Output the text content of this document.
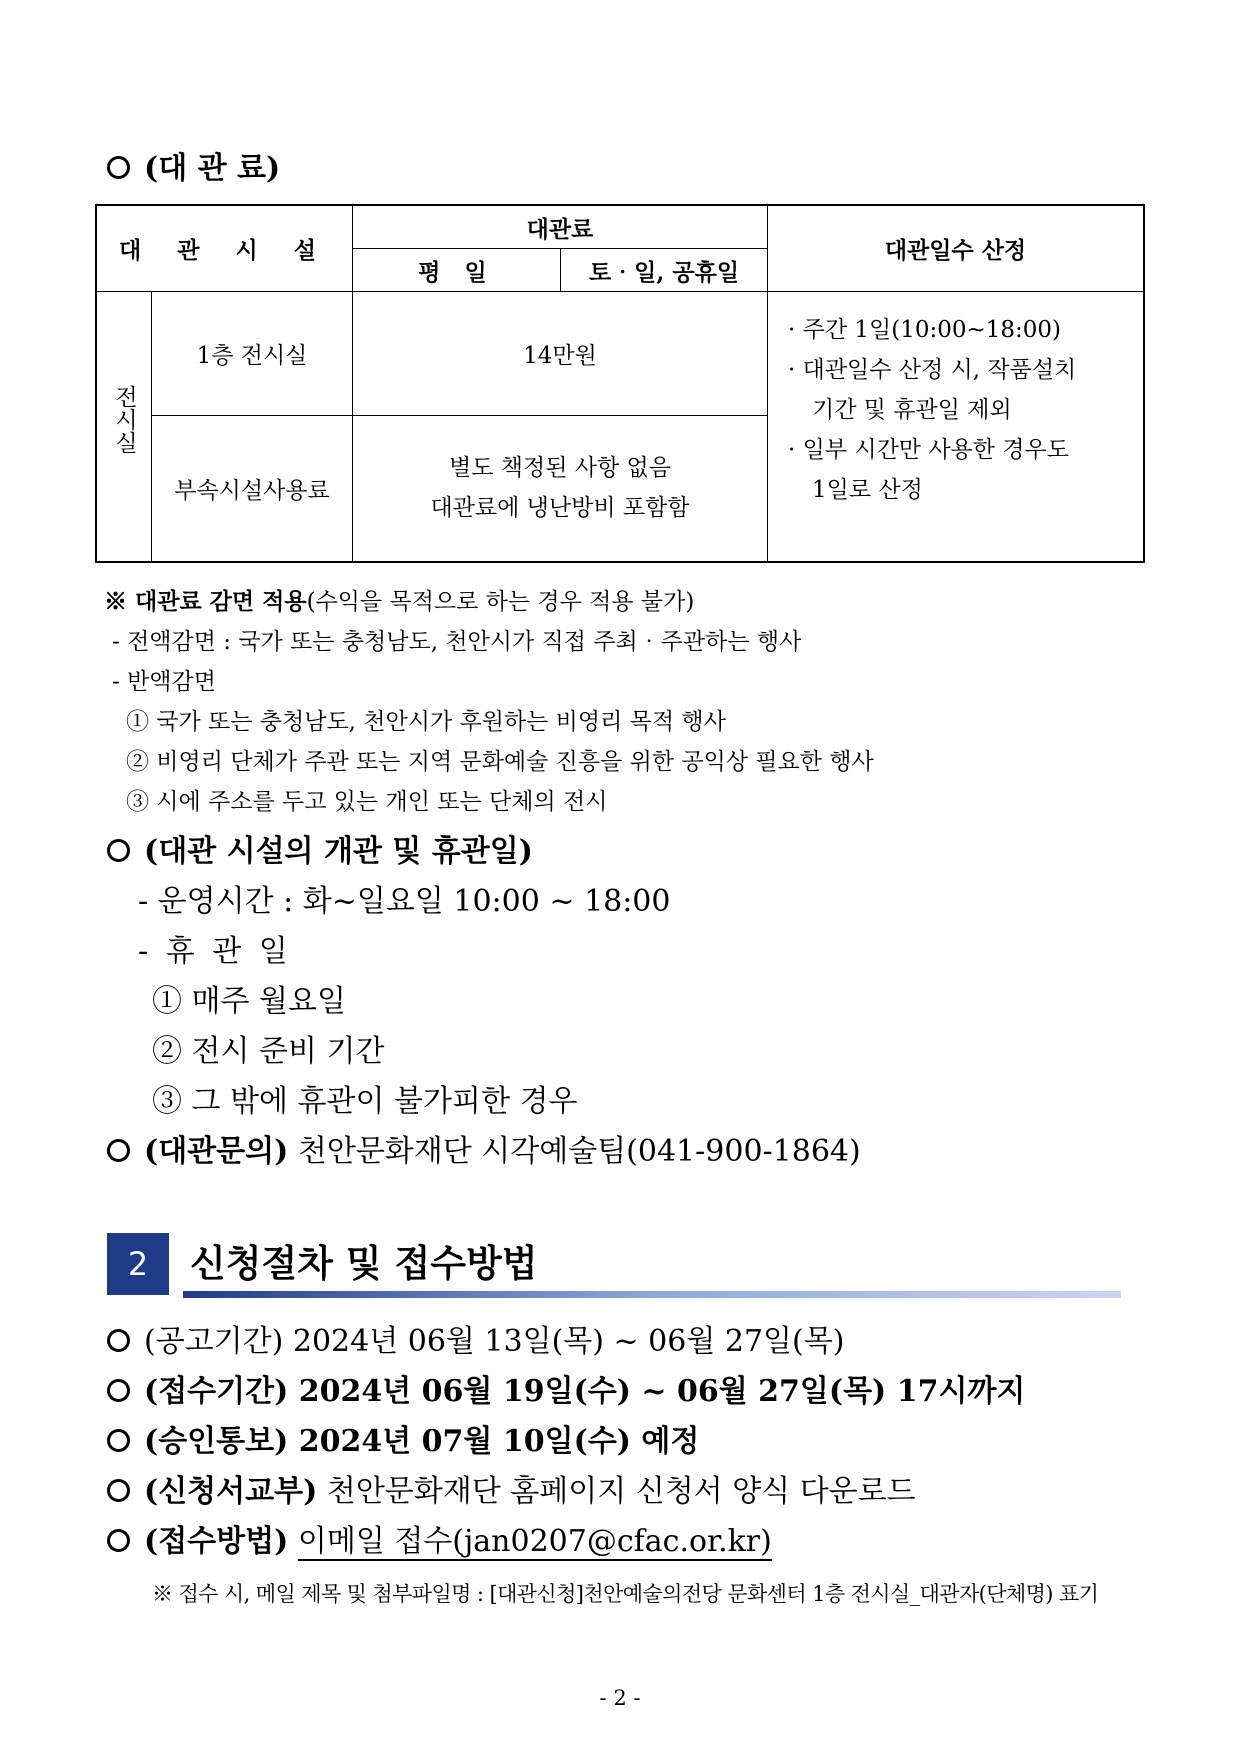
(대 관 료)
대 관 시 설		대관료		대관일수 산정
		평 일	토‧일, 공휴일	
전시실	1층 전시실	14만원		· 주간 1일(10:00~18:00)
· 대관일수 산정 시, 작품설치
기간 및 휴관일 제외
· 일부 시간만 사용한 경우도
1일로 산정

	부속시설사용료	별도 책정된 사항 없음
대관료에 냉난방비 포함함		
※ 대관료 감면 적용(수익을 목적으로 하는 경우 적용 불가)
- 전액감면 : 국가 또는 충청남도, 천안시가 직접 주최‧주관하는 행사
- 반액감면
① 국가 또는 충청남도, 천안시가 후원하는 비영리 목적 행사
② 비영리 단체가 주관 또는 지역 문화예술 진흥을 위한 공익상 필요한 행사
③ 시에 주소를 두고 있는 개인 또는 단체의 전시
(대관 시설의 개관 및 휴관일)
- 운영시간 : 화~일요일 10:00 ~ 18:00
- 휴 관 일
① 매주 월요일
② 전시 준비 기간
③ 그 밖에 휴관이 불가피한 경우
(대관문의) 천안문화재단 시각예술팀(041-900-1864)
2	신청절차 및 접수방법
(공고기간) 2024년 06월 13일(목) ~ 06월 27일(목)
(접수기간) 2024년 06월 19일(수) ~ 06월 27일(목) 17시까지
(승인통보) 2024년 07월 10일(수) 예정
(신청서교부) 천안문화재단 홈페이지 신청서 양식 다운로드
(접수방법) 이메일 접수(jan0207@cfac.or.kr)
※ 접수 시, 메일 제목 및 첨부파일명 : [대관신청]천안예술의전당 문화센터 1층 전시실_대관자(단체명) 표기
- 2 -
